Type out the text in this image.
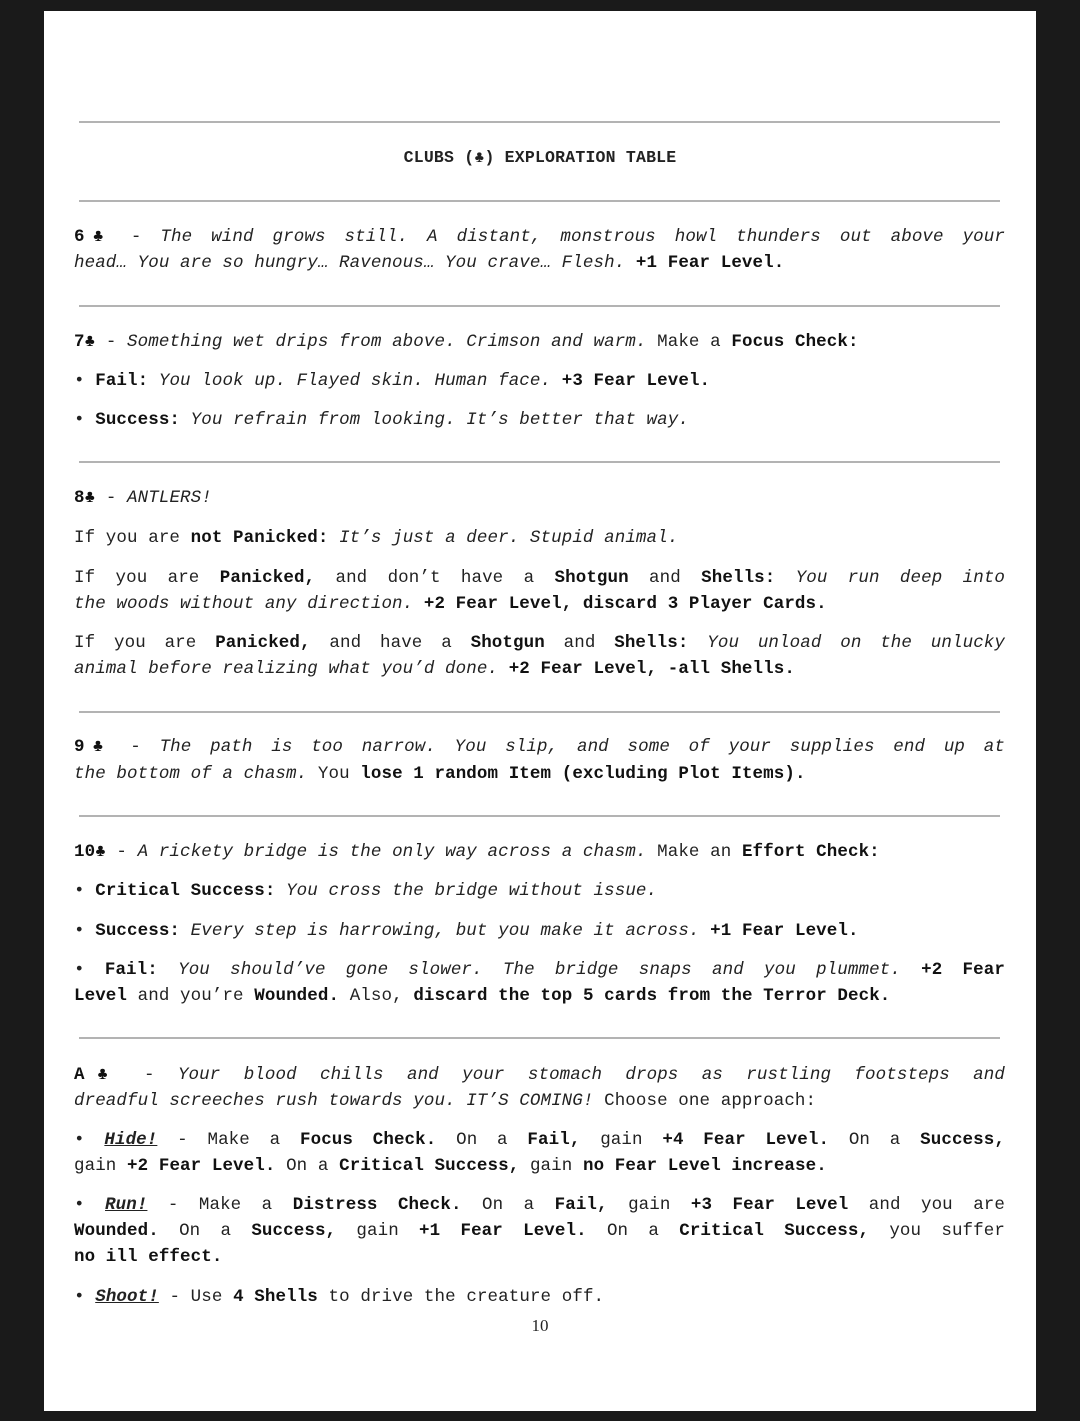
CLUBS (♣) EXPLORATION TABLE
6♣ - The wind grows still. A distant, monstrous howl thunders out above your
head… You are so hungry… Ravenous… You crave… Flesh. +1 Fear Level.
7♣ - Something wet drips from above. Crimson and warm. Make a Focus Check:
• Fail: You look up. Flayed skin. Human face. +3 Fear Level.
• Success: You refrain from looking. It’s better that way.
8♣ - ANTLERS!
If you are not Panicked: It’s just a deer. Stupid animal.
If you are Panicked, and don’t have a Shotgun and Shells: You run deep into
the woods without any direction. +2 Fear Level, discard 3 Player Cards.
If you are Panicked, and have a Shotgun and Shells: You unload on the unlucky
animal before realizing what you’d done. +2 Fear Level, -all Shells.
9♣ - The path is too narrow. You slip, and some of your supplies end up at
the bottom of a chasm. You lose 1 random Item (excluding Plot Items).
10♣ - A rickety bridge is the only way across a chasm. Make an Effort Check:
• Critical Success: You cross the bridge without issue.
• Success: Every step is harrowing, but you make it across. +1 Fear Level.
• Fail: You should’ve gone slower. The bridge snaps and you plummet. +2 Fear
Level and you’re Wounded. Also, discard the top 5 cards from the Terror Deck.
A♣ - Your blood chills and your stomach drops as rustling footsteps and
dreadful screeches rush towards you. IT’S COMING! Choose one approach:
• Hide! - Make a Focus Check. On a Fail, gain +4 Fear Level. On a Success,
gain +2 Fear Level. On a Critical Success, gain no Fear Level increase.
• Run! - Make a Distress Check. On a Fail, gain +3 Fear Level and you are
Wounded. On a Success, gain +1 Fear Level. On a Critical Success, you suffer
no ill effect.
• Shoot! - Use 4 Shells to drive the creature off.
10
